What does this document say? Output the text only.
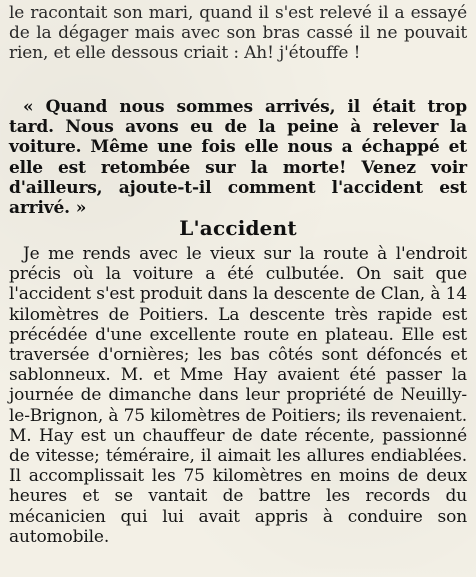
le racontait son mari, quand il s'est relevé il a essayé de la dégager mais avec son bras cassé il ne pouvait rien, et elle dessous criait : Ah! j'étouffe !

« Quand nous sommes arrivés, il était trop tard. Nous avons eu de la peine à relever la voiture. Même une fois elle nous a échappé et elle est retombée sur la morte! Venez voir d'ailleurs, ajoute-t-il comment l'accident est arrivé. »

L'accident

Je me rends avec le vieux sur la route à l'endroit précis où la voiture a été culbutée. On sait que l'accident s'est produit dans la descente de Clan, à 14 kilomètres de Poitiers. La descente très rapide est précédée d'une excellente route en plateau. Elle est traversée d'ornières; les bas côtés sont défoncés et sablonneux. M. et Mme Hay avaient été passer la journée de dimanche dans leur propriété de Neuilly-le-Brignon, à 75 kilomètres de Poitiers; ils revenaient. M. Hay est un chauffeur de date récente, passionné de vitesse; téméraire, il aimait les allures endiablées. Il accomplissait les 75 kilomètres en moins de deux heures et se vantait de battre les records du mécanicien qui lui avait appris à conduire son automobile.
